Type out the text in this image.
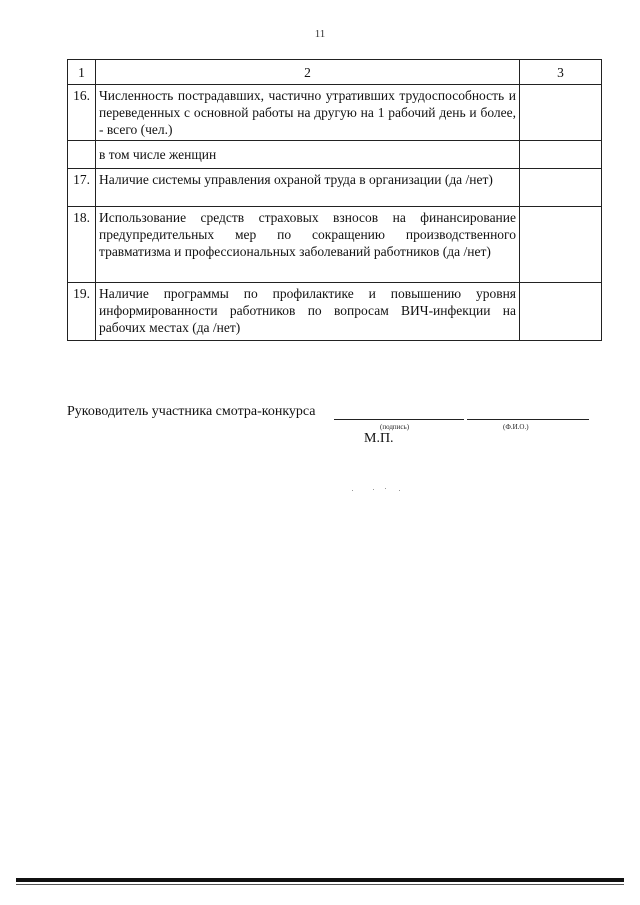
11
1	2	3
16.	Численность пострадавших, частично утративших трудоспособность и переведенных с основной работы на другую на 1 рабочий день и более, - всего (чел.)	
	в том числе женщин	
17.	Наличие системы управления охраной труда в организации (да /нет)	
18.	Использование средств страховых взносов на финансирование предупредительных мер по сокращению производственного травматизма и профессиональных заболеваний работников (да /нет)	
19.	Наличие программы по профилактике и повышению уровня информированности работников по вопросам ВИЧ-инфекции на рабочих местах (да /нет)	
Руководитель участника смотра-конкурса
(подпись)	(Ф.И.О.)
М.П.
